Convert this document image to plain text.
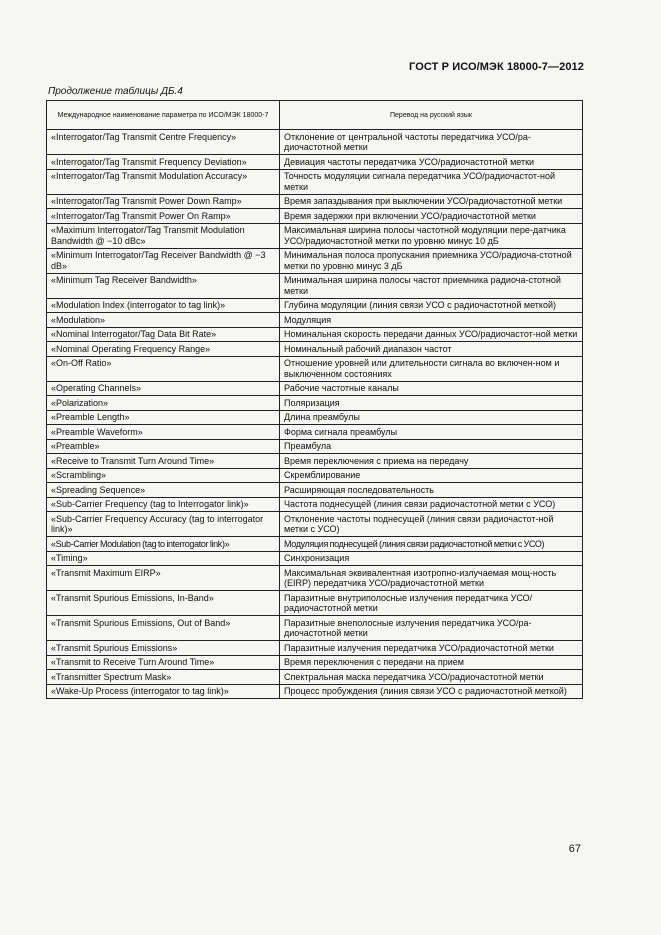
ГОСТ Р ИСО/МЭК 18000-7—2012
Продолжение таблицы ДБ.4
Международное наименование параметра по ИСО/МЭК 18000-7	Перевод на русский язык
«Interrogator/Tag Transmit Centre Frequency»	Отклонение от центральной частоты передатчика УСО/ра-диочастотной метки
«Interrogator/Tag Transmit Frequency Deviation»	Девиация частоты передатчика УСО/радиочастотной метки
«Interrogator/Tag Transmit Modulation Accuracy»	Точность модуляции сигнала передатчика УСО/радиочастот-ной метки
«Interrogator/Tag Transmit Power Down Ramp»	Время запаздывания при выключении УСО/радиочастотной метки
«Interrogator/Tag Transmit Power On Ramp»	Время задержки при включении УСО/радиочастотной метки
«Maximum Interrogator/Tag Transmit Modulation Bandwidth @ −10 dBc»	Максимальная ширина полосы частотной модуляции пере-датчика УСО/радиочастотной метки по уровню минус 10 дБ
«Minimum Interrogator/Tag Receiver Bandwidth @ −3 dB»	Минимальная полоса пропускания приемника УСО/радиоча-стотной метки по уровню минус 3 дБ
«Minimum Tag Receiver Bandwidth»	Минимальная ширина полосы частот приемника радиоча-стотной метки
«Modulation Index (interrogator to tag link)»	Глубина модуляции (линия связи УСО с радиочастотной меткой)
«Modulation»	Модуляция
«Nominal Interrogator/Tag Data Bit Rate»	Номинальная скорость передачи данных УСО/радиочастот-ной метки
«Nominal Operating Frequency Range»	Номинальный рабочий диапазон частот
«On-Off Ratio»	Отношение уровней или длительности сигнала во включен-ном и выключенном состояниях
«Operating Channels»	Рабочие частотные каналы
«Polarization»	Поляризация
«Preamble Length»	Длина преамбулы
«Preamble Waveform»	Форма сигнала преамбулы
«Preamble»	Преамбула
«Receive to Transmit Turn Around Time»	Время переключения с приема на передачу
«Scrambling»	Скремблирование
«Spreading Sequence»	Расширяющая последовательность
«Sub-Carrier Frequency (tag to Interrogator link)»	Частота поднесущей (линия связи радиочастотной метки с УСО)
«Sub-Carrier Frequency Accuracy (tag to interrogator link)»	Отклонение частоты поднесущей (линия связи радиочастот-ной метки с УСО)
«Sub-Carrier Modulation (tag to interrogator link)»	Модуляция поднесущей (линия связи радиочастотной метки с УСО)
«Timing»	Синхронизация
«Transmit Maximum EIRP»	Максимальная эквивалентная изотропно-излучаемая мощ-ность (EIRP) передатчика УСО/радиочастотной метки
«Transmit Spurious Emissions, In-Band»	Паразитные внутриполосные излучения передатчика УСО/радиочастотной метки
«Transmit Spurious Emissions, Out of Band»	Паразитные внеполосные излучения передатчика УСО/ра-диочастотной метки
«Transmit Spurious Emissions»	Паразитные излучения передатчика УСО/радиочастотной метки
«Transmit to Receive Turn Around Time»	Время переключения с передачи на прием
«Transmitter Spectrum Mask»	Спектральная маска передатчика УСО/радиочастотной метки
«Wake-Up Process (interrogator to tag link)»	Процесс пробуждения (линия связи УСО с радиочастотной меткой)
67
